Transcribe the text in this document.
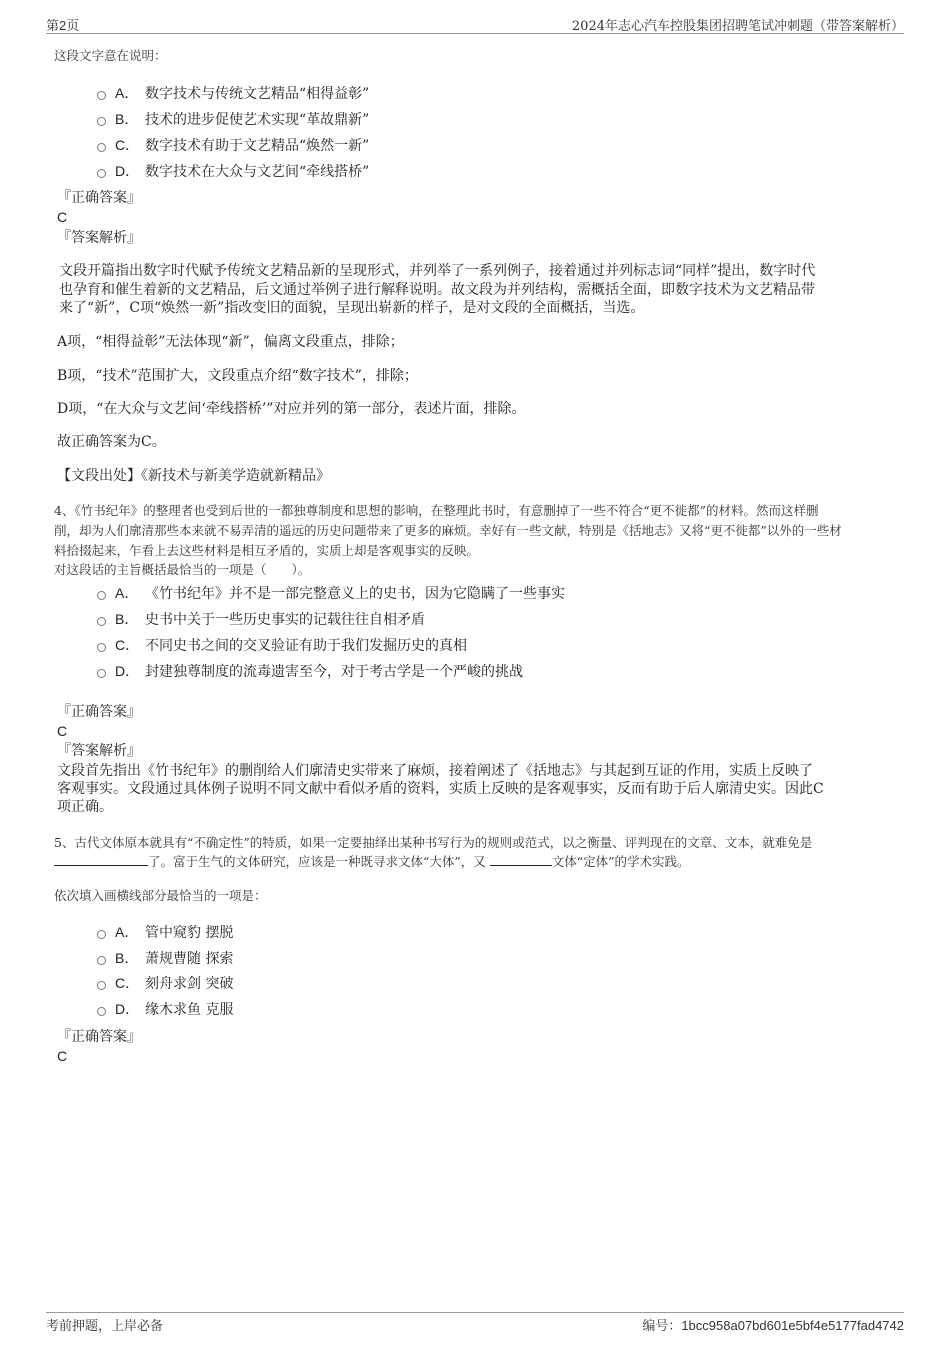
第2页	2024年志心汽车控股集团招聘笔试冲刺题（带答案解析）
这段文字意在说明：
A． 数字技术与传统文艺精品“相得益彰”
B． 技术的进步促使艺术实现“革故鼎新”
C． 数字技术有助于文艺精品“焕然一新”
D． 数字技术在大众与文艺间“牵线搭桥”
『正确答案』
C
『答案解析』
文段开篇指出数字时代赋予传统文艺精品新的呈现形式，并列举了一系列例子，接着通过并列标志词“同样”提出，数字时代
也孕育和催生着新的文艺精品，后文通过举例子进行解释说明。故文段为并列结构，需概括全面，即数字技术为文艺精品带
来了“新”，C项“焕然一新”指改变旧的面貌，呈现出崭新的样子，是对文段的全面概括，当选。
A项，“相得益彰”无法体现“新”，偏离文段重点，排除；
B项，“技术”范围扩大，文段重点介绍“数字技术”，排除；
D项，“在大众与文艺间‘牵线搭桥’”对应并列的第一部分，表述片面，排除。
故正确答案为C。
【文段出处】《新技术与新美学造就新精品》
4、《竹书纪年》的整理者也受到后世的一都独尊制度和思想的影响，在整理此书时，有意删掉了一些不符合“更不徙都”的材料。然而这样删
削，却为人们廓清那些本来就不易弄清的遥远的历史问题带来了更多的麻烦。幸好有一些文献，特别是《括地志》又将“更不徙都”以外的一些材
料拾掇起来，乍看上去这些材料是相互矛盾的，实质上却是客观事实的反映。
对这段话的主旨概括最恰当的一项是（　　）。
A． 《竹书纪年》并不是一部完整意义上的史书，因为它隐瞒了一些事实
B． 史书中关于一些历史事实的记载往往自相矛盾
C． 不同史书之间的交叉验证有助于我们发掘历史的真相
D． 封建独尊制度的流毒遗害至今，对于考古学是一个严峻的挑战
『正确答案』
C
『答案解析』
文段首先指出《竹书纪年》的删削给人们廓清史实带来了麻烦，接着阐述了《括地志》与其起到互证的作用，实质上反映了
客观事实。文段通过具体例子说明不同文献中看似矛盾的资料，实质上反映的是客观事实，反而有助于后人廓清史实。因此C
项正确。
5、古代文体原本就具有“不确定性”的特质，如果一定要抽绎出某种书写行为的规则或范式，以之衡量、评判现在的文章、文本，就难免是
了。富于生气的文体研究，应该是一种既寻求文体“大体”，又	文体“定体”的学术实践。
依次填入画横线部分最恰当的一项是：
A． 管中窥豹 摆脱
B． 萧规曹随 探索
C． 刻舟求剑 突破
D． 缘木求鱼 克服
『正确答案』
C
考前押题，上岸必备	编号：1bcc958a07bd601e5bf4e5177fad4742
